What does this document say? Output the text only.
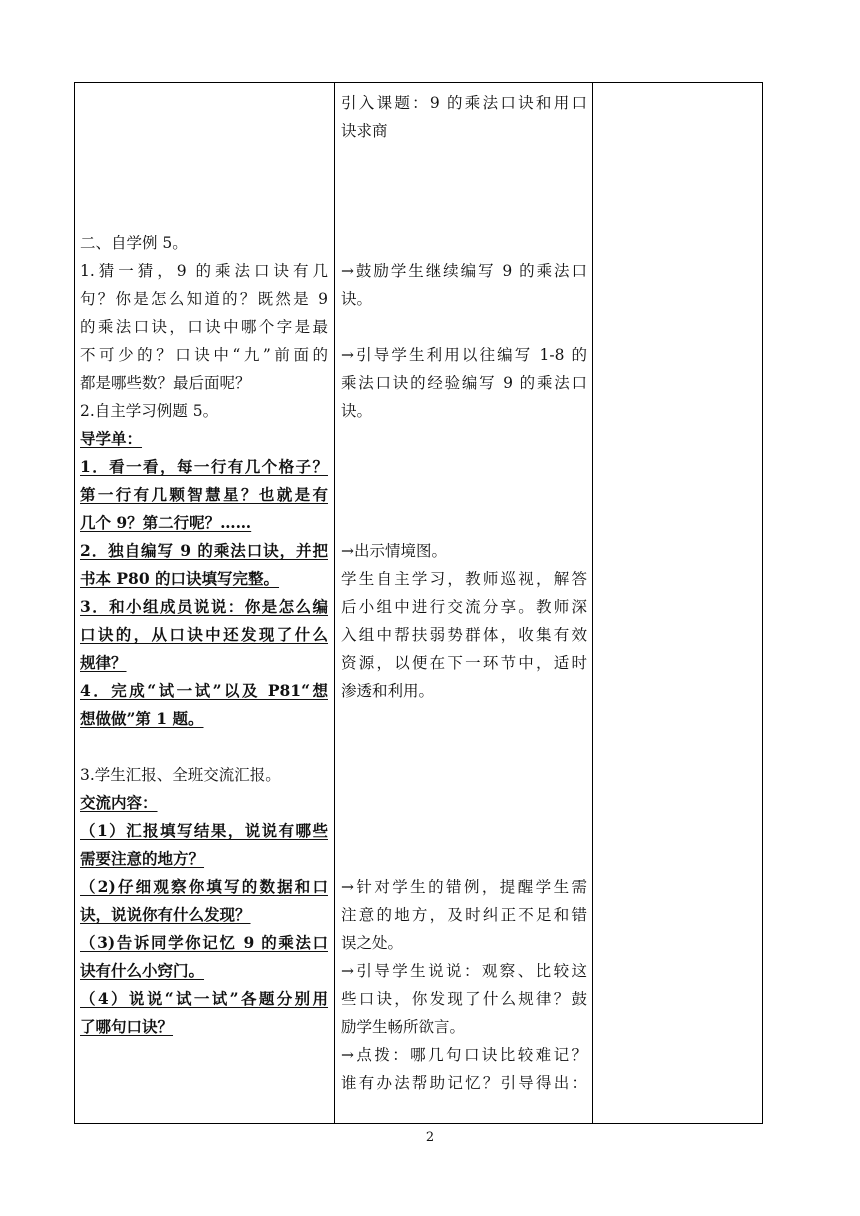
二、自学例 5。
1.猜一猜，9 的乘法口诀有几
句？你是怎么知道的？既然是 9
的乘法口诀，口诀中哪个字是最
不可少的？口诀中“九”前面的
都是哪些数？最后面呢？
2.自主学习例题 5。
导学单：
1．看一看，每一行有几个格子？
第一行有几颗智慧星？也就是有
几个 9？第二行呢？……
2．独自编写 9 的乘法口诀，并把
书本 P80 的口诀填写完整。
3．和小组成员说说：你是怎么编
口诀的，从口诀中还发现了什么
规律？
4．完成“试一试”以及 P81“想
想做做”第 1 题。
3.学生汇报、全班交流汇报。
交流内容：
（1）汇报填写结果，说说有哪些
需要注意的地方？
（2)仔细观察你填写的数据和口
诀，说说你有什么发现？
（3)告诉同学你记忆 9 的乘法口
诀有什么小窍门。
（4）说说“试一试”各题分别用
了哪句口诀？
引入课题：9 的乘法口诀和用口
诀求商
→鼓励学生继续编写 9 的乘法口
诀。
→引导学生利用以往编写 1-8 的
乘法口诀的经验编写 9 的乘法口
诀。
→出示情境图。
学生自主学习，教师巡视，解答
后小组中进行交流分享。教师深
入组中帮扶弱势群体，收集有效
资源，以便在下一环节中，适时
渗透和利用。
→针对学生的错例，提醒学生需
注意的地方，及时纠正不足和错
误之处。
→引导学生说说：观察、比较这
些口诀，你发现了什么规律？鼓
励学生畅所欲言。
→点拨：哪几句口诀比较难记？
谁有办法帮助记忆？引导得出：
2
